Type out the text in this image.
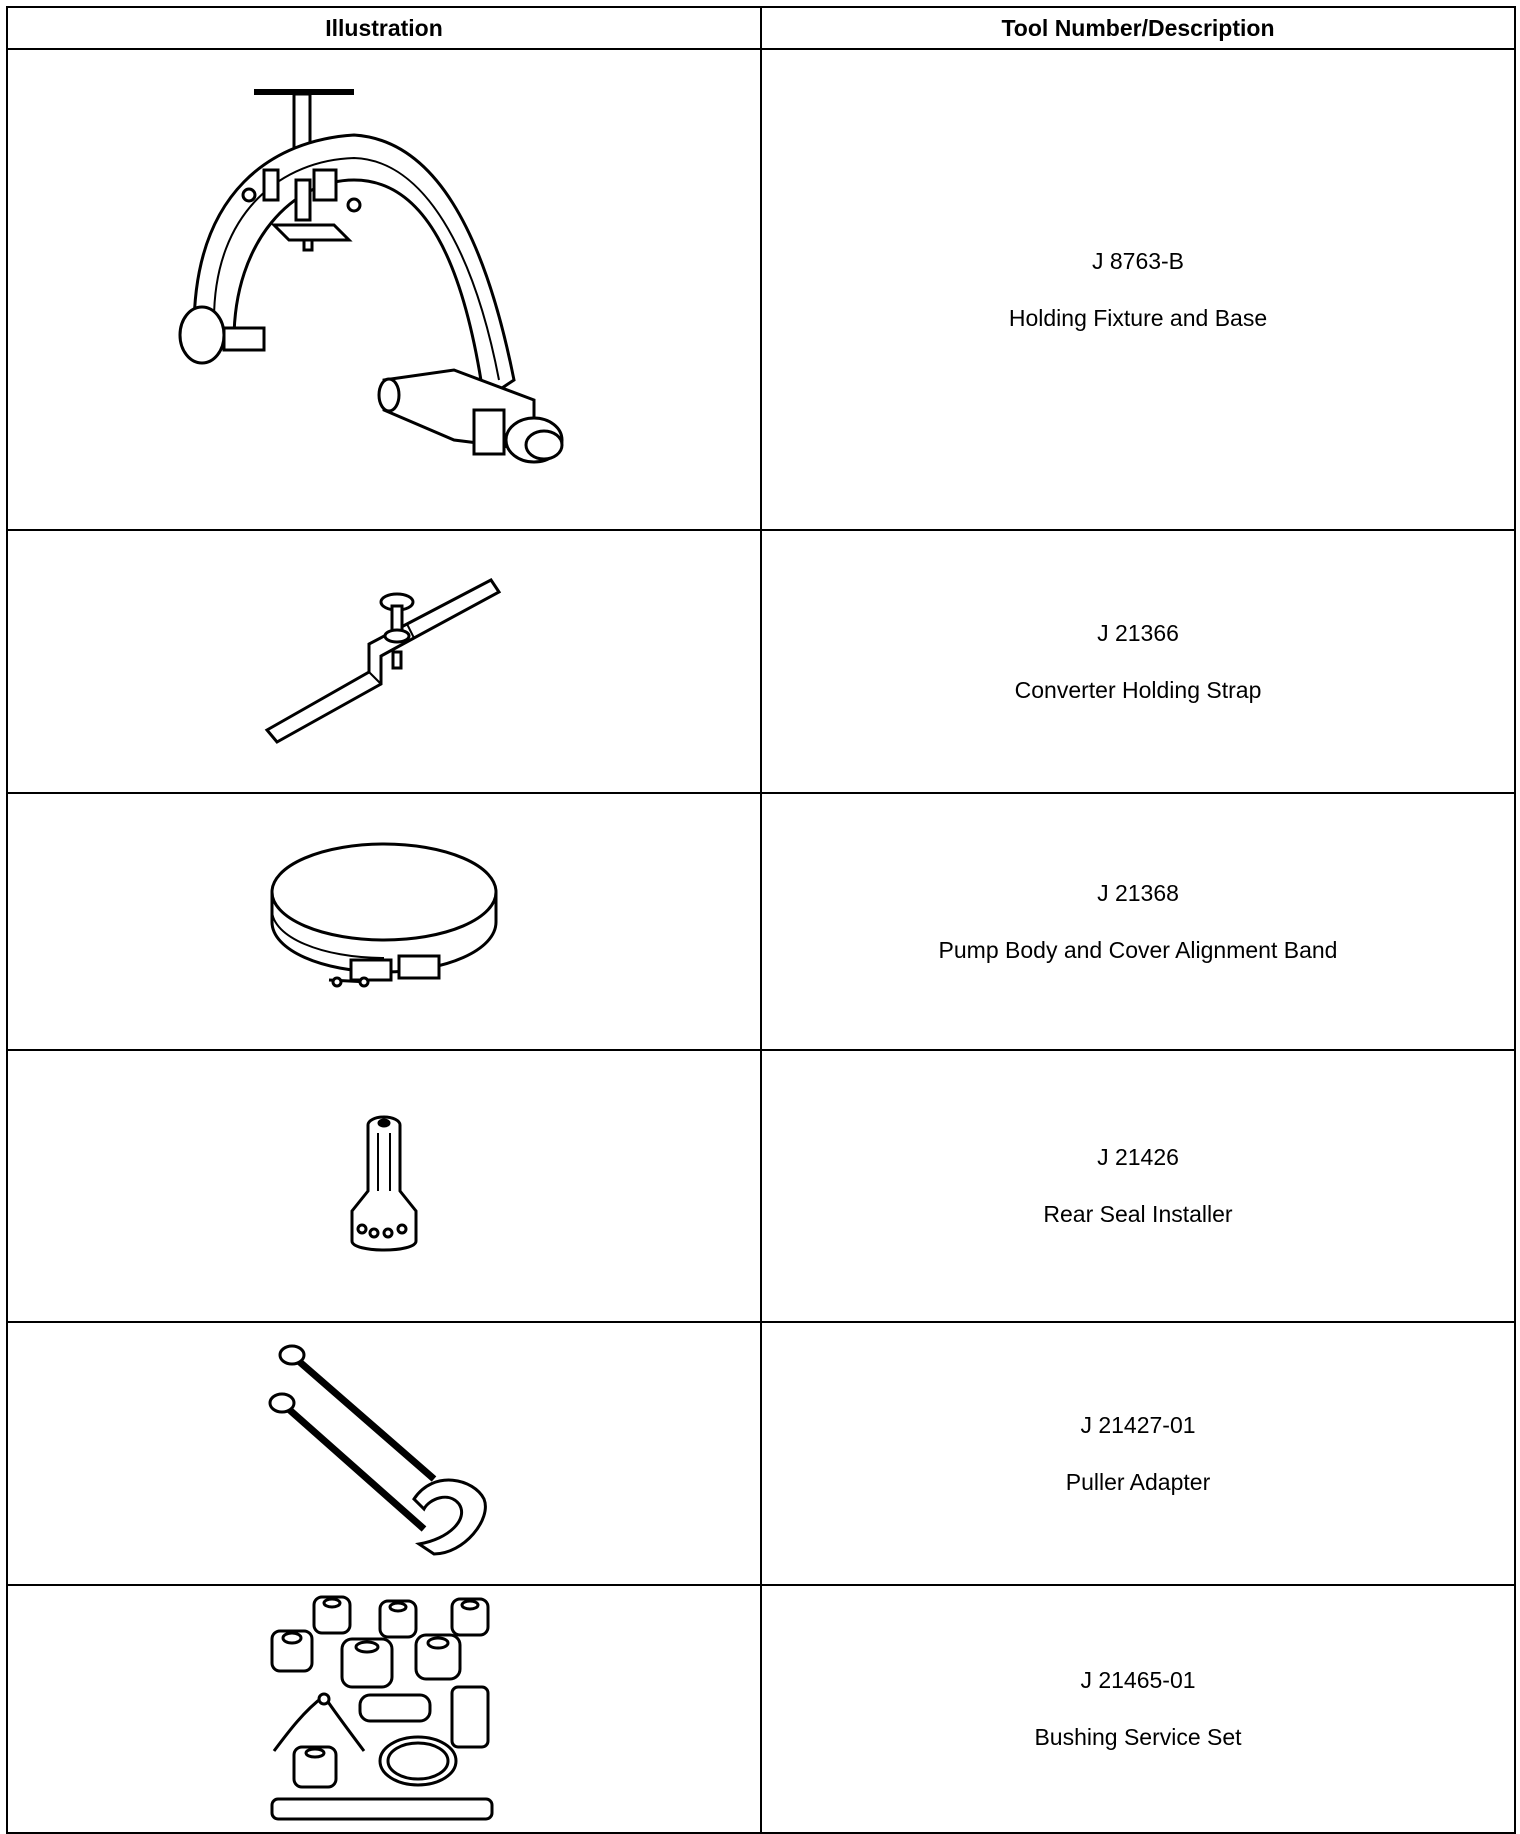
Illustration	Tool Number/Description

J 8763-B
Holding Fixture and Base

J 21366
Converter Holding Strap

J 21368
Pump Body and Cover Alignment Band

J 21426
Rear Seal Installer

J 21427-01
Puller Adapter

J 21465-01
Bushing Service Set
